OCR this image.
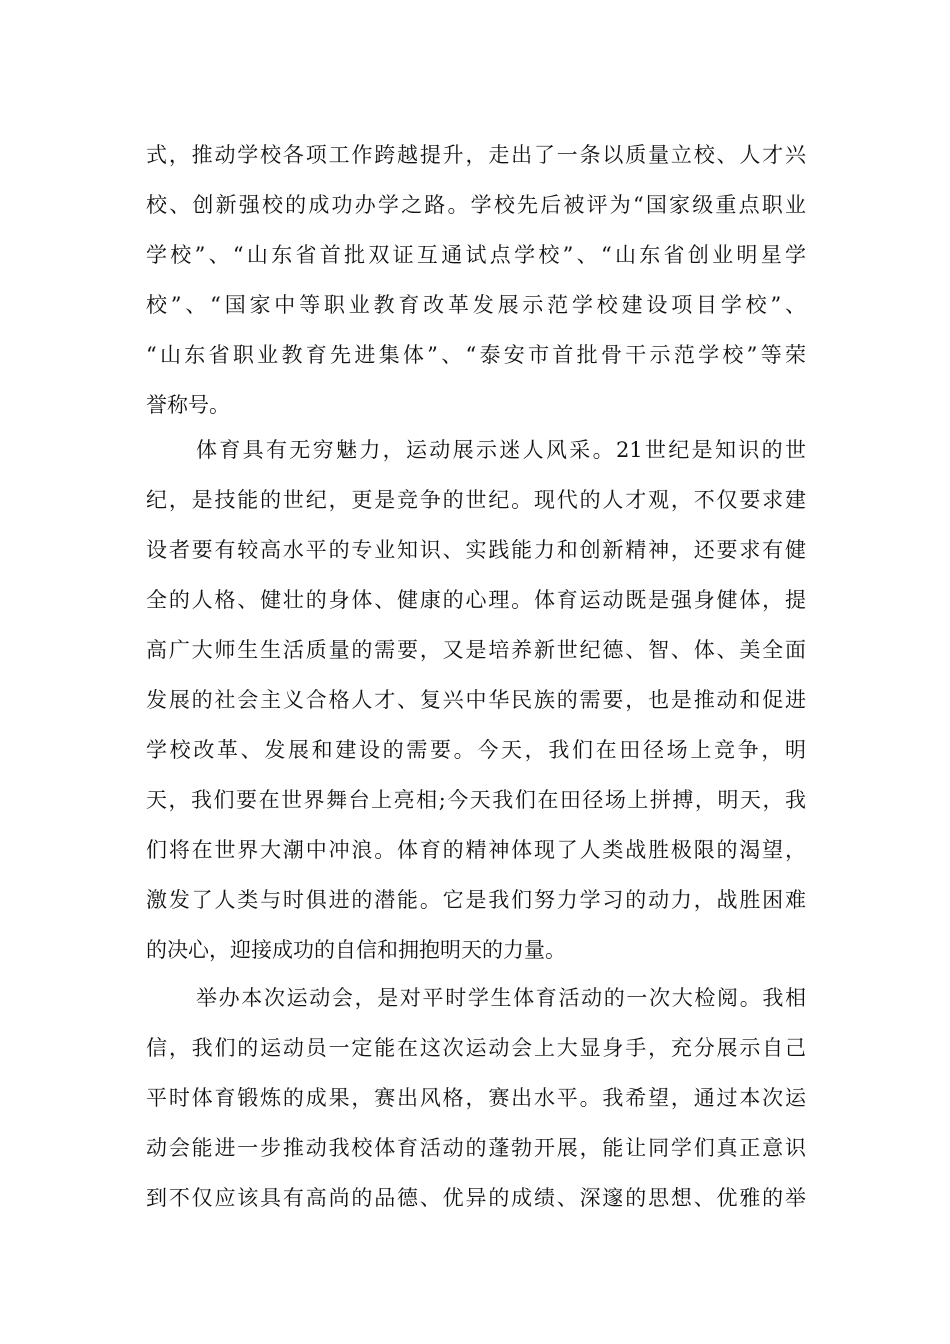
式，推动学校各项工作跨越提升，走出了一条以质量立校、人才兴
校、创新强校的成功办学之路。学校先后被评为“国家级重点职业
学校”、“山东省首批双证互通试点学校”、“山东省创业明星学
校”、“国家中等职业教育改革发展示范学校建设项目学校”、
“山东省职业教育先进集体”、“泰安市首批骨干示范学校”等荣
誉称号。
体育具有无穷魅力，运动展示迷人风采。21世纪是知识的世
纪，是技能的世纪，更是竞争的世纪。现代的人才观，不仅要求建
设者要有较高水平的专业知识、实践能力和创新精神，还要求有健
全的人格、健壮的身体、健康的心理。体育运动既是强身健体，提
高广大师生生活质量的需要，又是培养新世纪德、智、体、美全面
发展的社会主义合格人才、复兴中华民族的需要，也是推动和促进
学校改革、发展和建设的需要。今天，我们在田径场上竞争，明
天，我们要在世界舞台上亮相;今天我们在田径场上拼搏，明天，我
们将在世界大潮中冲浪。体育的精神体现了人类战胜极限的渴望，
激发了人类与时俱进的潜能。它是我们努力学习的动力，战胜困难
的决心，迎接成功的自信和拥抱明天的力量。
举办本次运动会，是对平时学生体育活动的一次大检阅。我相
信，我们的运动员一定能在这次运动会上大显身手，充分展示自己
平时体育锻炼的成果，赛出风格，赛出水平。我希望，通过本次运
动会能进一步推动我校体育活动的蓬勃开展，能让同学们真正意识
到不仅应该具有高尚的品德、优异的成绩、深邃的思想、优雅的举
